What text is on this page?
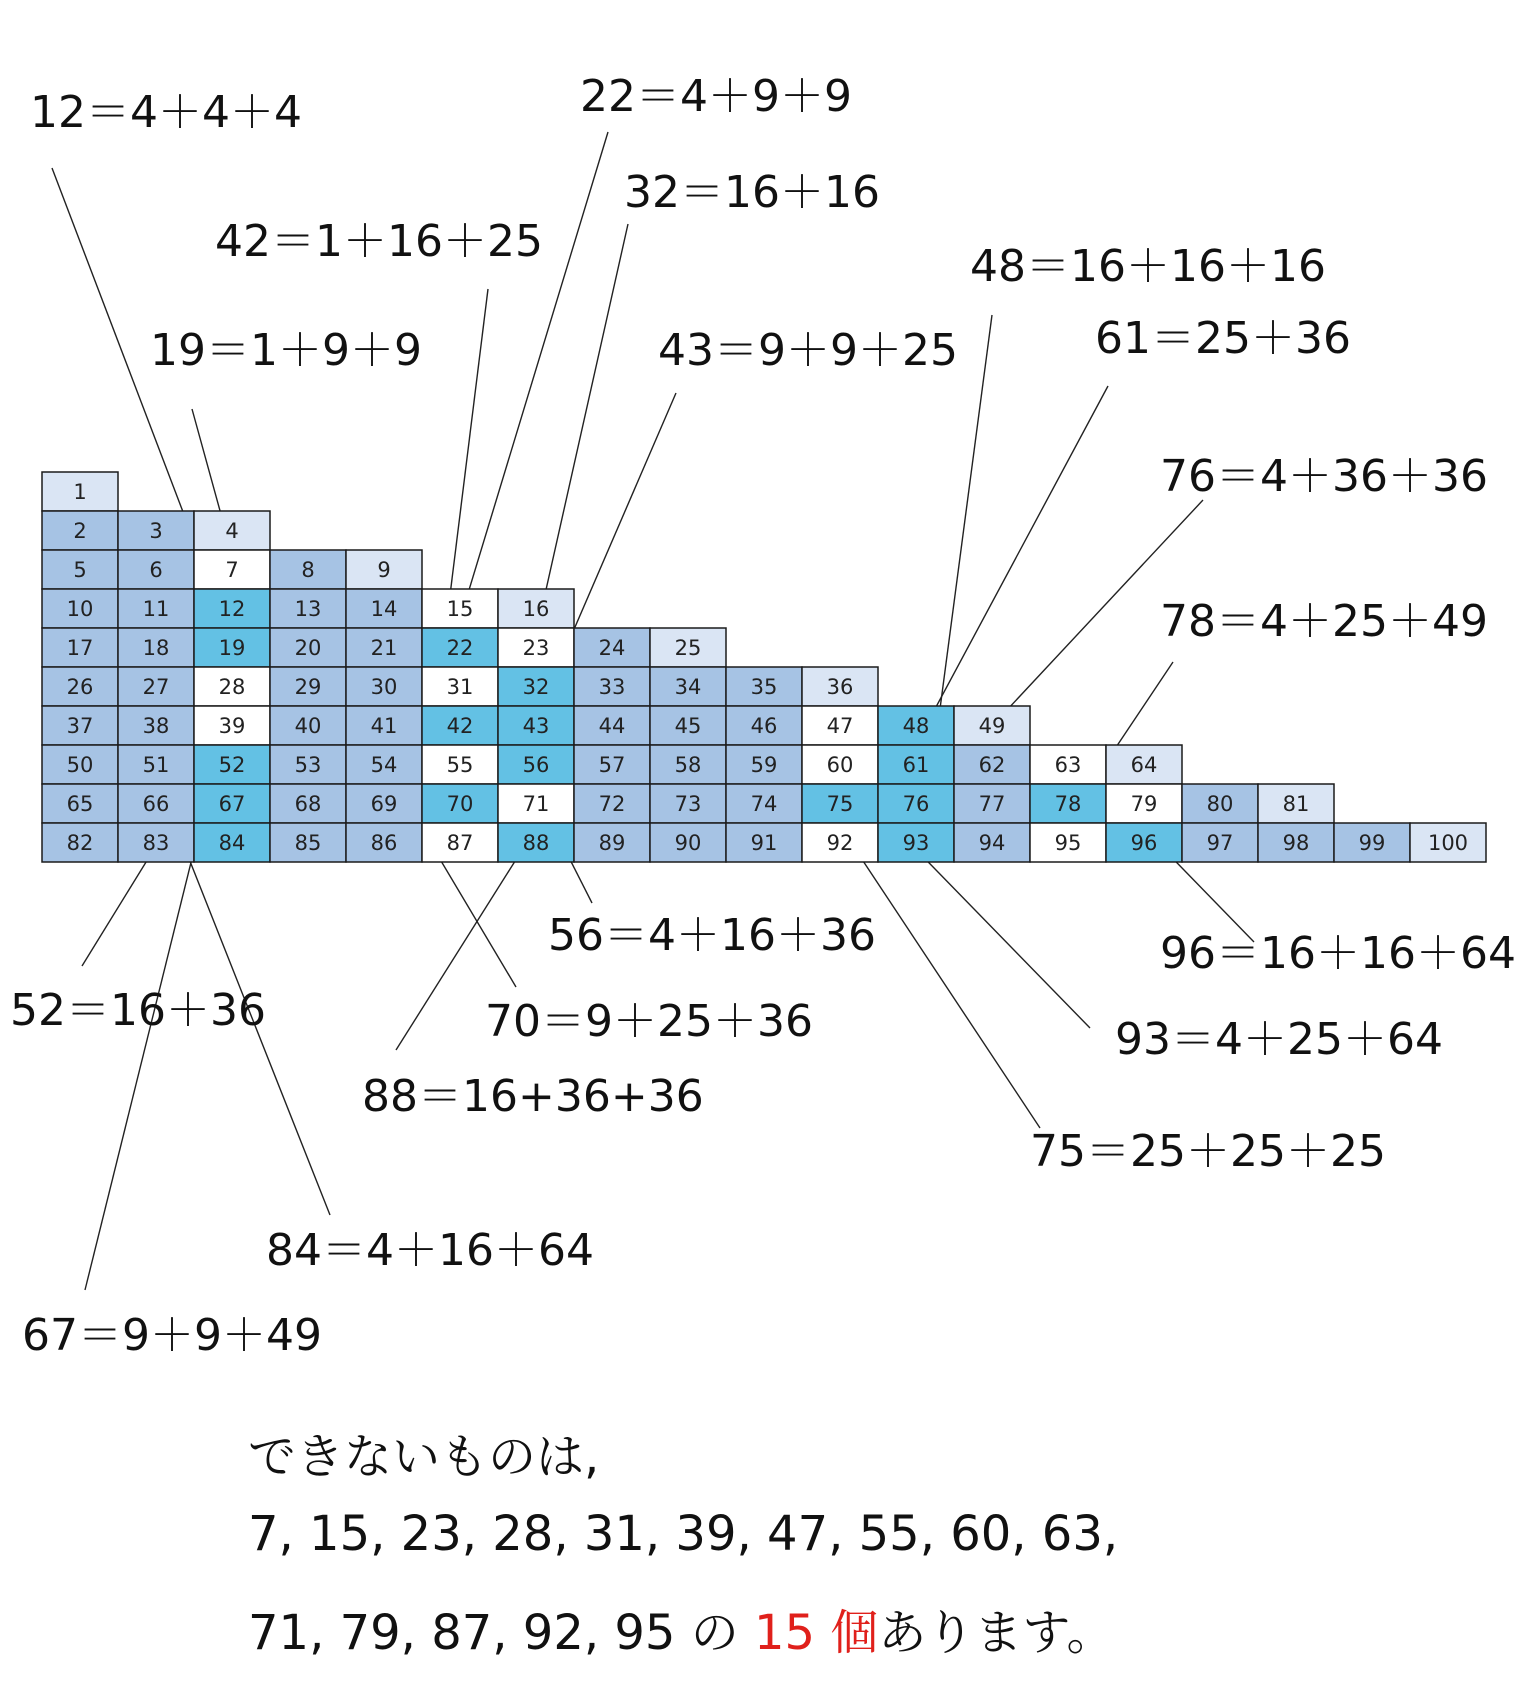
1
2	3	4
5	6	7	8	9
10 11 12 13 14 15 16
17 18 19 20 21 22 23 24 25
26 27 28 29 30 31 32 33 34 35 36
37 38 39 40 41 42 43 44 45 46 47 48 49
50 51 52 53 54 55 56 57 58 59 60 61 62 63 64
65 66 67 68 69 70 71 72 73 74 75 76 77 78 79 80 81
82 83 84 85 86 87 88 89 90 91 92 93 94 95 96 97 98 99 100
12＝4＋4＋4	22＝4＋9＋9
32＝16＋16
42＝1＋16＋25	48＝16＋16＋16
61＝25＋36
19＝1＋9＋9	43＝9＋9＋25
76＝4＋36＋36
78＝4＋25＋49
56＝4＋16＋36	96＝16＋16＋64
52＝16＋36	70＝9＋25＋36	93＝4＋25＋64
88＝16+36+36
75＝25＋25＋25
84＝4＋16＋64
67＝9＋9＋49
できないものは,
7, 15, 23, 28, 31, 39, 47, 55, 60, 63,
71, 79, 87, 92, 95 の 15 個あります。
